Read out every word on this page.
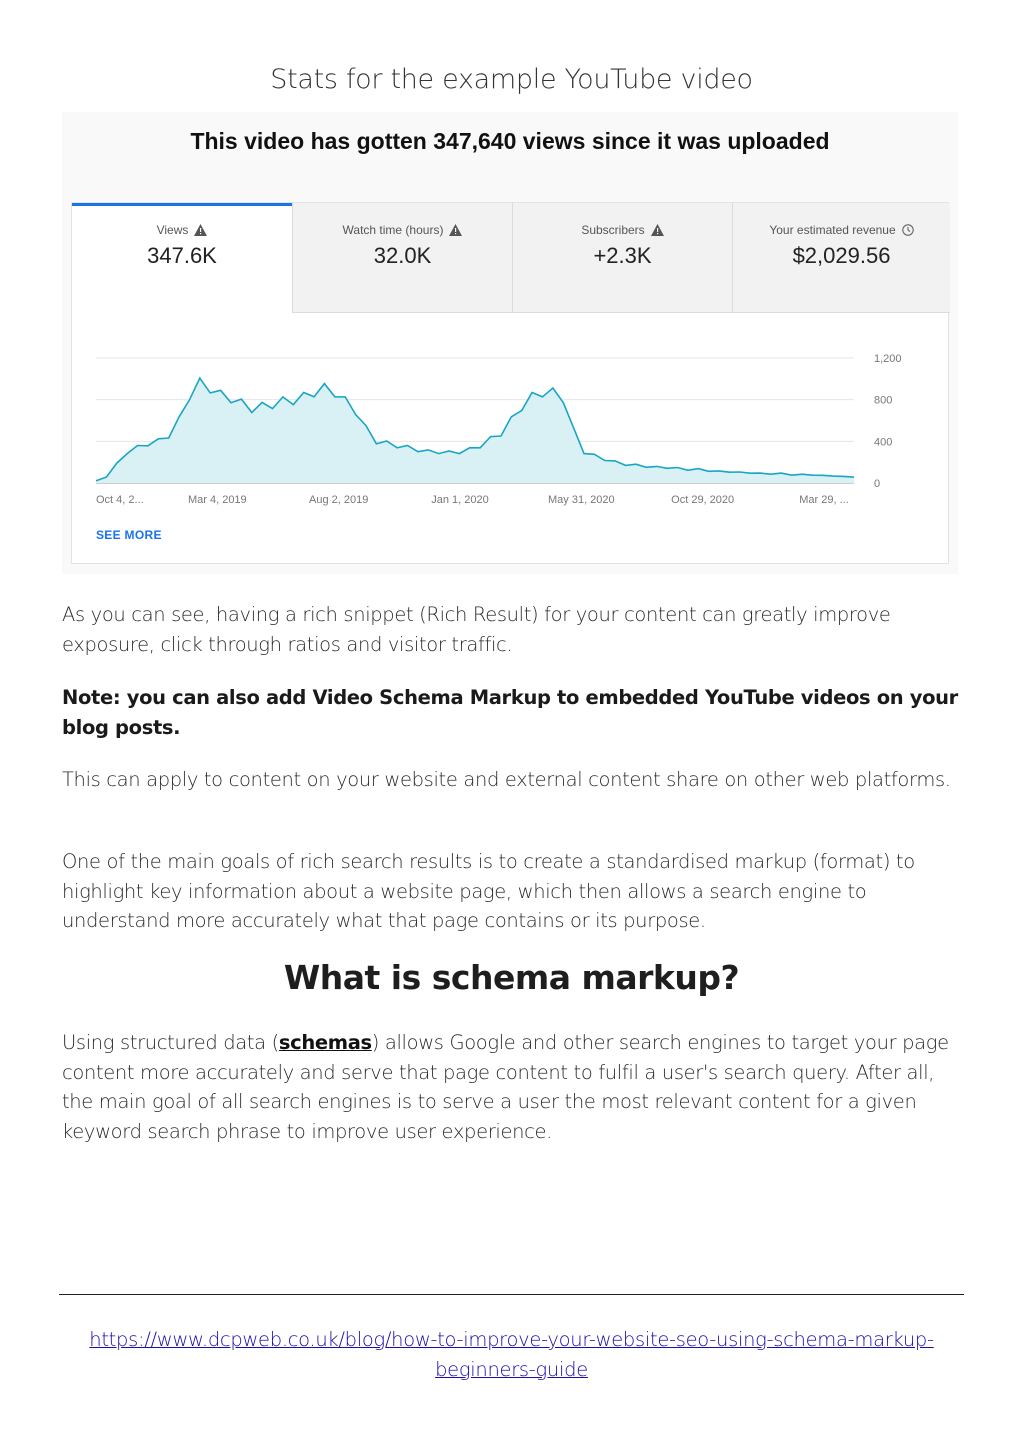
Stats for the example YouTube video
This video has gotten 347,640 views since it was uploaded
Views
347.6K
Watch time (hours)
32.0K
Subscribers
+2.3K
Your estimated revenue
$2,029.56
1,200
800
400
0
Oct 4, 2...	Mar 4, 2019	Aug 2, 2019	Jan 1, 2020	May 31, 2020	Oct 29, 2020	Mar 29, ...
SEE MORE

As you can see, having a rich snippet (Rich Result) for your content can greatly improve exposure, click through ratios and visitor traffic.

Note: you can also add Video Schema Markup to embedded YouTube videos on your blog posts.

This can apply to content on your website and external content share on other web platforms.

One of the main goals of rich search results is to create a standardised markup (format) to highlight key information about a website page, which then allows a search engine to understand more accurately what that page contains or its purpose.

What is schema markup?

Using structured data (schemas) allows Google and other search engines to target your page content more accurately and serve that page content to fulfil a user's search query. After all, the main goal of all search engines is to serve a user the most relevant content for a given keyword search phrase to improve user experience.

https://www.dcpweb.co.uk/blog/how-to-improve-your-website-seo-using-schema-markup-beginners-guide
